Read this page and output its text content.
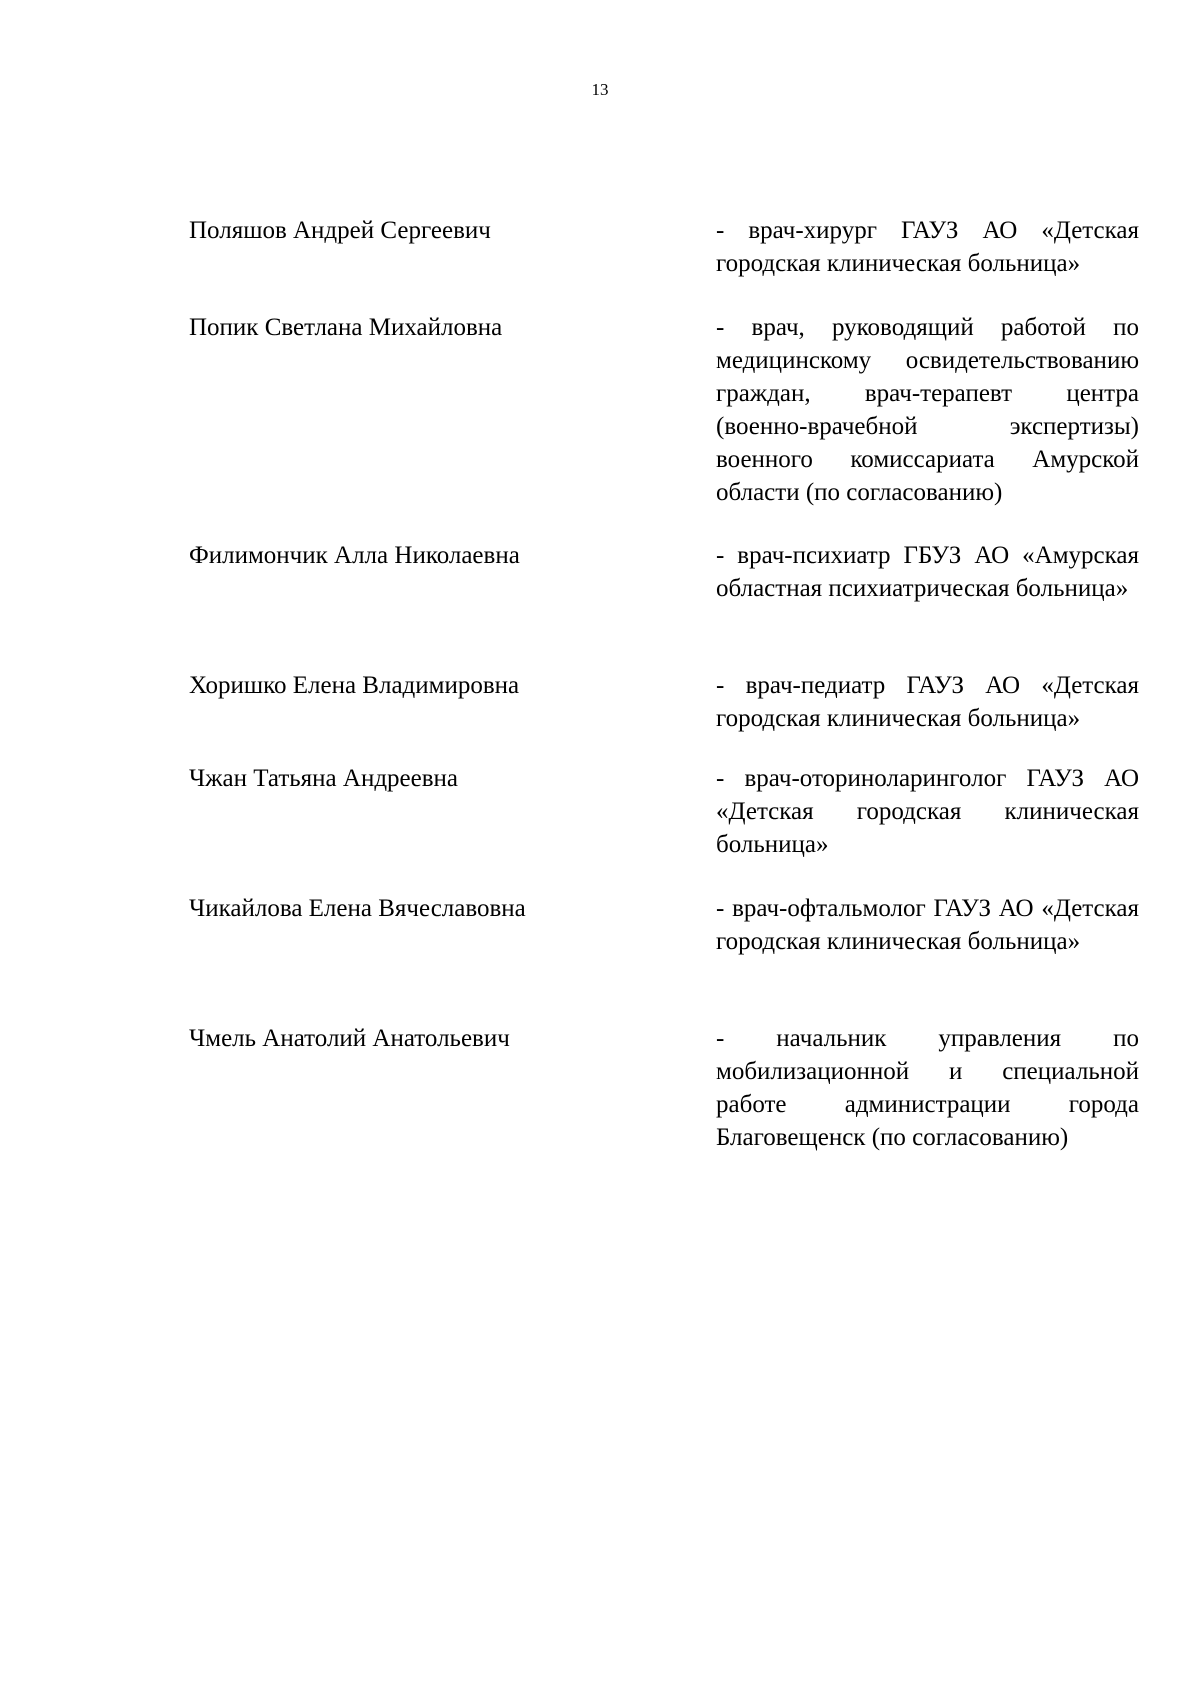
13
Поляшов Андрей Сергеевич	- врач-хирург ГАУЗ АО «Детская городская клиническая больница»
Попик Светлана Михайловна	- врач, руководящий работой по медицинскому освидетельствованию граждан, врач-терапевт центра (военно-врачебной экспертизы) военного комиссариата Амурской области (по согласованию)
Филимончик Алла Николаевна	- врач-психиатр ГБУЗ АО «Амурская областная психиатрическая больница»
Хоришко Елена Владимировна	- врач-педиатр ГАУЗ АО «Детская городская клиническая больница»
Чжан Татьяна Андреевна	- врач-оториноларинголог ГАУЗ АО «Детская городская клиническая больница»
Чикайлова Елена Вячеславовна	- врач-офтальмолог ГАУЗ АО «Детская городская клиническая больница»
Чмель Анатолий Анатольевич	- начальник управления по мобилизационной и специальной работе администрации города Благовещенск (по согласованию)
